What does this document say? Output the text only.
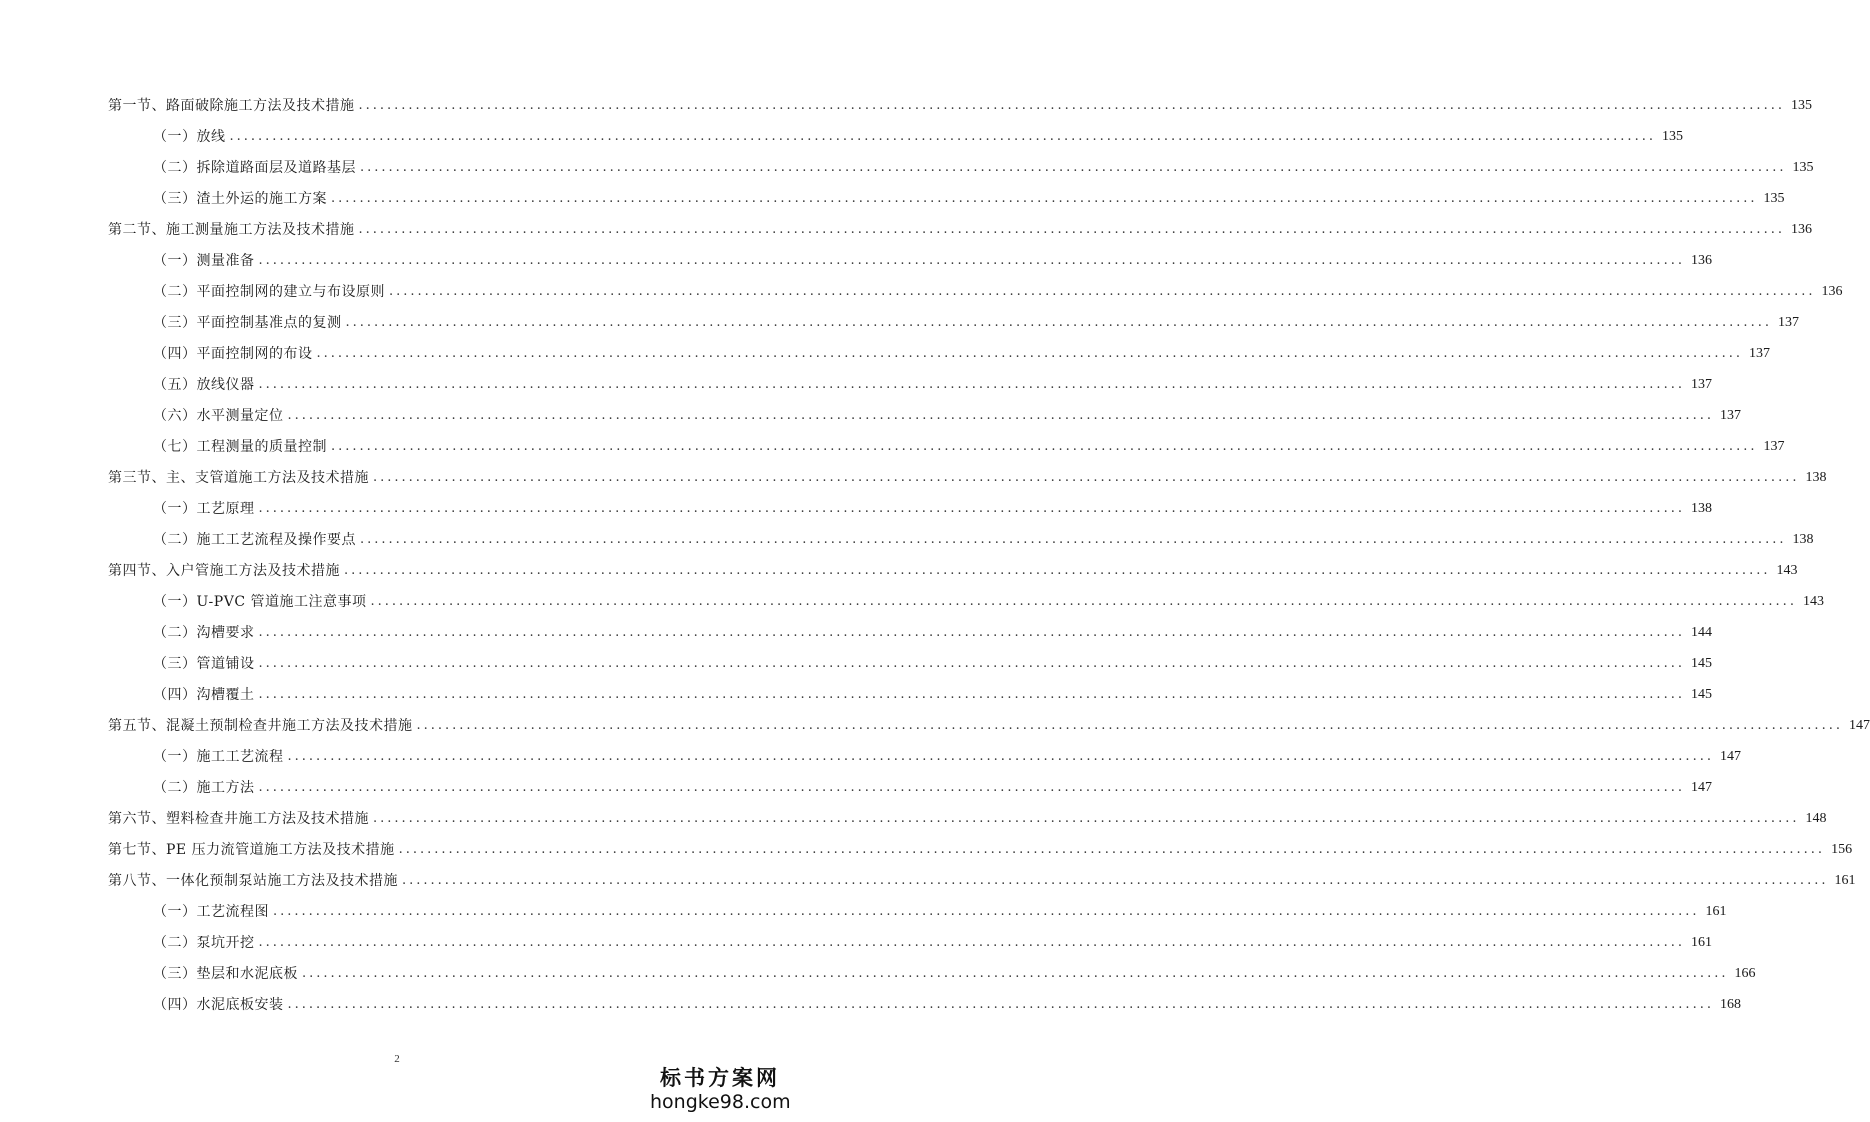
第一节、路面破除施工方法及技术措施 ........................................................................................................................................................................................................ 135
（一）放线 ........................................................................................................................................................................................................ 135
（二）拆除道路面层及道路基层 ........................................................................................................................................................................................................ 135
（三）渣土外运的施工方案 ........................................................................................................................................................................................................ 135
第二节、施工测量施工方法及技术措施 ........................................................................................................................................................................................................ 136
（一）测量准备 ........................................................................................................................................................................................................ 136
（二）平面控制网的建立与布设原则 ........................................................................................................................................................................................................ 136
（三）平面控制基准点的复测 ........................................................................................................................................................................................................ 137
（四）平面控制网的布设 ........................................................................................................................................................................................................ 137
（五）放线仪器 ........................................................................................................................................................................................................ 137
（六）水平测量定位 ........................................................................................................................................................................................................ 137
（七）工程测量的质量控制 ........................................................................................................................................................................................................ 137
第三节、主、支管道施工方法及技术措施 ........................................................................................................................................................................................................ 138
（一）工艺原理 ........................................................................................................................................................................................................ 138
（二）施工工艺流程及操作要点 ........................................................................................................................................................................................................ 138
第四节、入户管施工方法及技术措施 ........................................................................................................................................................................................................ 143
（一）U-PVC 管道施工注意事项 ........................................................................................................................................................................................................ 143
（二）沟槽要求 ........................................................................................................................................................................................................ 144
（三）管道铺设 ........................................................................................................................................................................................................ 145
（四）沟槽覆土 ........................................................................................................................................................................................................ 145
第五节、混凝土预制检查井施工方法及技术措施 ........................................................................................................................................................................................................ 147
（一）施工工艺流程 ........................................................................................................................................................................................................ 147
（二）施工方法 ........................................................................................................................................................................................................ 147
第六节、塑料检查井施工方法及技术措施 ........................................................................................................................................................................................................ 148
第七节、PE 压力流管道施工方法及技术措施 ........................................................................................................................................................................................................ 156
第八节、一体化预制泵站施工方法及技术措施 ........................................................................................................................................................................................................ 161
（一）工艺流程图 ........................................................................................................................................................................................................ 161
（二）泵坑开挖 ........................................................................................................................................................................................................ 161
（三）垫层和水泥底板 ........................................................................................................................................................................................................ 166
（四）水泥底板安装 ........................................................................................................................................................................................................ 168
2
标书方案网
hongke98.com
